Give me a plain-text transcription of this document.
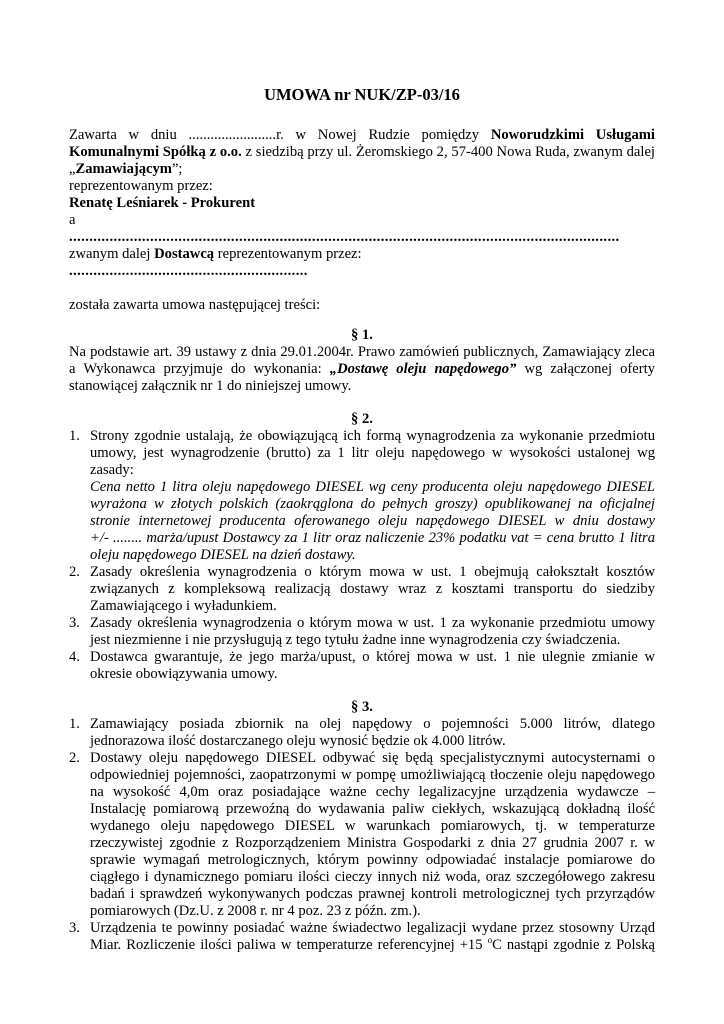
UMOWA nr NUK/ZP-03/16
Zawarta w dniu ........................r. w Nowej Rudzie pomiędzy Noworudzkimi Usługami
Komunalnymi Spółką z o.o. z siedzibą przy ul. Żeromskiego 2, 57-400 Nowa Ruda, zwanym dalej
„Zamawiającym”;
reprezentowanym przez:
Renatę Leśniarek - Prokurent
a
........................................................................................................................................
zwanym dalej Dostawcą reprezentowanym przez:
...........................................................
została zawarta umowa następującej treści:
§ 1.
Na podstawie art. 39 ustawy z dnia 29.01.2004r. Prawo zamówień publicznych, Zamawiający zleca
a Wykonawca przyjmuje do wykonania: „Dostawę oleju napędowego” wg załączonej oferty
stanowiącej załącznik nr 1 do niniejszej umowy.
§ 2.
1. Strony zgodnie ustalają, że obowiązującą ich formą wynagrodzenia za wykonanie przedmiotu
umowy, jest wynagrodzenie (brutto) za 1 litr oleju napędowego w wysokości ustalonej wg
zasady:
Cena netto 1 litra oleju napędowego DIESEL wg ceny producenta oleju napędowego DIESEL
wyrażona w złotych polskich (zaokrąglona do pełnych groszy) opublikowanej na oficjalnej
stronie internetowej producenta oferowanego oleju napędowego DIESEL w dniu dostawy
+/- ........ marża/upust Dostawcy za 1 litr oraz naliczenie 23% podatku vat = cena brutto 1 litra
oleju napędowego DIESEL na dzień dostawy.
2. Zasady określenia wynagrodzenia o którym mowa w ust. 1 obejmują całokształt kosztów
związanych z kompleksową realizacją dostawy wraz z kosztami transportu do siedziby
Zamawiającego i wyładunkiem.
3. Zasady określenia wynagrodzenia o którym mowa w ust. 1 za wykonanie przedmiotu umowy
jest niezmienne i nie przysługują z tego tytułu żadne inne wynagrodzenia czy świadczenia.
4. Dostawca gwarantuje, że jego marża/upust, o której mowa w ust. 1 nie ulegnie zmianie w
okresie obowiązywania umowy.
§ 3.
1. Zamawiający posiada zbiornik na olej napędowy o pojemności 5.000 litrów, dlatego
jednorazowa ilość dostarczanego oleju wynosić będzie ok 4.000 litrów.
2. Dostawy oleju napędowego DIESEL odbywać się będą specjalistycznymi autocysternami o
odpowiedniej pojemności, zaopatrzonymi w pompę umożliwiającą tłoczenie oleju napędowego
na wysokość 4,0m oraz posiadające ważne cechy legalizacyjne urządzenia wydawcze –
Instalację pomiarową przewoźną do wydawania paliw ciekłych, wskazującą dokładną ilość
wydanego oleju napędowego DIESEL w warunkach pomiarowych, tj. w temperaturze
rzeczywistej zgodnie z Rozporządzeniem Ministra Gospodarki z dnia 27 grudnia 2007 r. w
sprawie wymagań metrologicznych, którym powinny odpowiadać instalacje pomiarowe do
ciągłego i dynamicznego pomiaru ilości cieczy innych niż woda, oraz szczegółowego zakresu
badań i sprawdzeń wykonywanych podczas prawnej kontroli metrologicznej tych przyrządów
pomiarowych (Dz.U. z 2008 r. nr 4 poz. 23 z późn. zm.).
3. Urządzenia te powinny posiadać ważne świadectwo legalizacji wydane przez stosowny Urząd
Miar. Rozliczenie ilości paliwa w temperaturze referencyjnej +15 $^o$C nastąpi zgodnie z Polską
